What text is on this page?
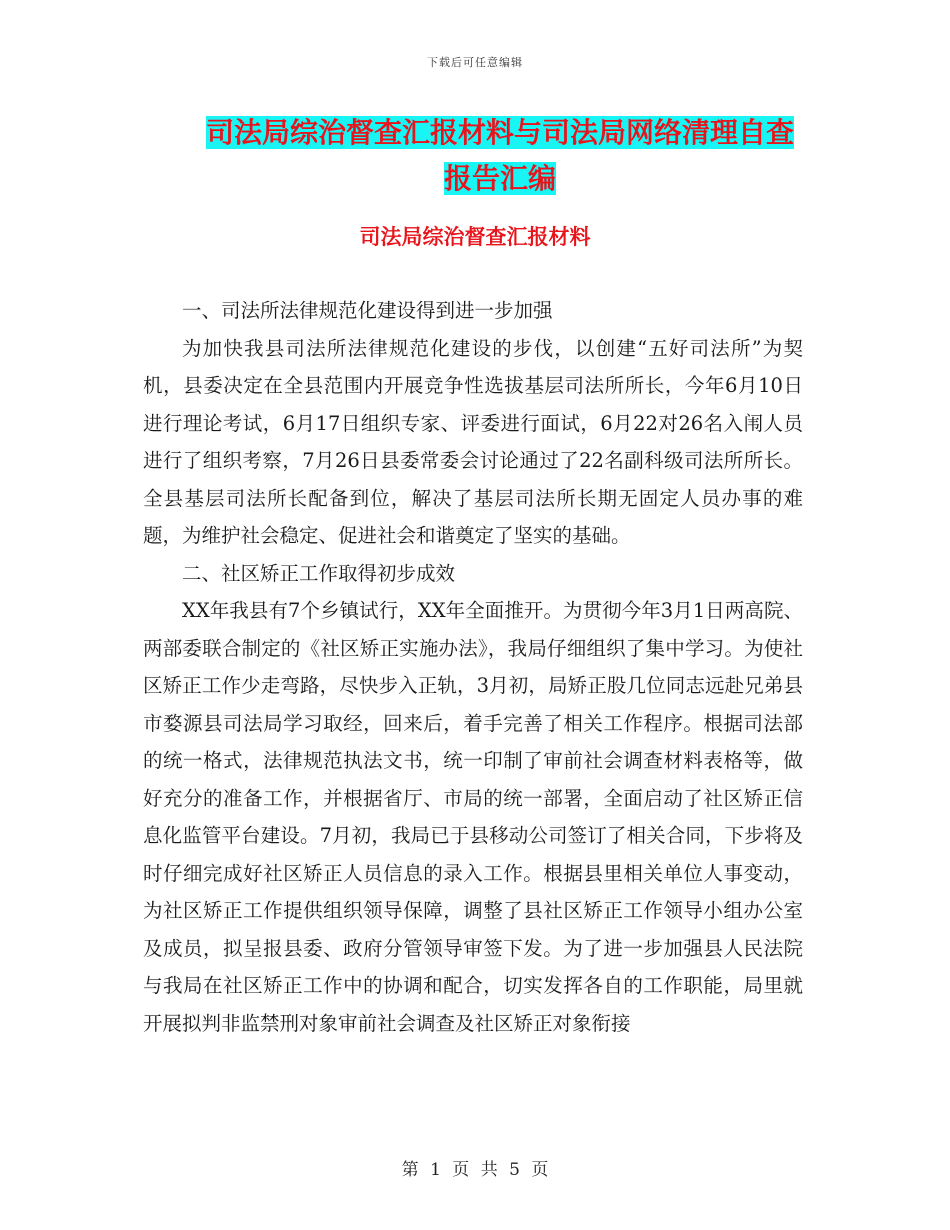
下载后可任意编辑
司法局综治督查汇报材料与司法局网络清理自查报告汇编
司法局综治督查汇报材料

一、司法所法律规范化建设得到进一步加强

为加快我县司法所法律规范化建设的步伐，以创建“五好司法所”为契机，县委决定在全县范围内开展竞争性选拔基层司法所所长，今年6月10日进行理论考试，6月17日组织专家、评委进行面试，6月22对26名入闱人员进行了组织考察，7月26日县委常委会讨论通过了22名副科级司法所所长。全县基层司法所长配备到位，解决了基层司法所长期无固定人员办事的难题，为维护社会稳定、促进社会和谐奠定了坚实的基础。

二、社区矫正工作取得初步成效

XX年我县有7个乡镇试行，XX年全面推开。为贯彻今年3月1日两高院、两部委联合制定的《社区矫正实施办法》，我局仔细组织了集中学习。为使社区矫正工作少走弯路，尽快步入正轨，3月初，局矫正股几位同志远赴兄弟县市婺源县司法局学习取经，回来后，着手完善了相关工作程序。根据司法部的统一格式，法律规范执法文书，统一印制了审前社会调查材料表格等，做好充分的准备工作，并根据省厅、市局的统一部署，全面启动了社区矫正信息化监管平台建设。7月初，我局已于县移动公司签订了相关合同，下步将及时仔细完成好社区矫正人员信息的录入工作。根据县里相关单位人事变动，为社区矫正工作提供组织领导保障，调整了县社区矫正工作领导小组办公室及成员，拟呈报县委、政府分管领导审签下发。为了进一步加强县人民法院与我局在社区矫正工作中的协调和配合，切实发挥各自的工作职能，局里就开展拟判非监禁刑对象审前社会调查及社区矫正对象衔接

第 1 页 共 5 页
